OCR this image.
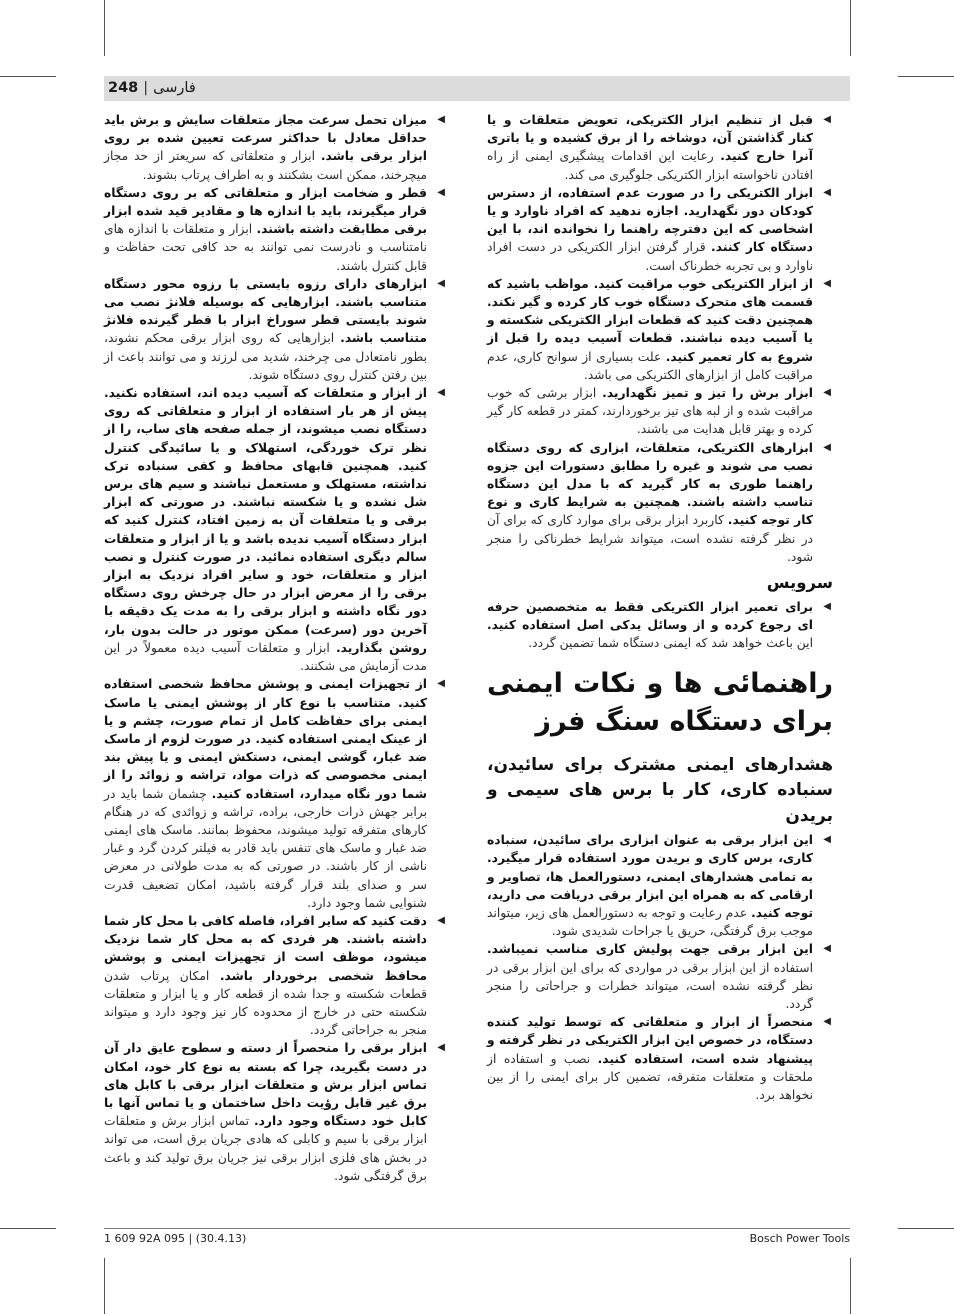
248 | فارسی

◀
قبل از تنظیم ابزار الکتریکی، تعویض متعلقات و یا کنار گذاشتن آن، دوشاخه را از برق کشیده و یا باتری آنرا خارج کنید. رعایت این اقدامات پیشگیری ایمنی از راه افتادن ناخواسته ابزار الکتریکی جلوگیری می کند.

◀
ابزار الکتریکی را در صورت عدم استفاده، از دسترس کودکان دور نگهدارید. اجازه ندهید که افراد ناوارد و یا اشخاصی که این دفترچه راهنما را نخوانده اند، با این دستگاه کار کنند. قرار گرفتن ابزار الکتریکی در دست افراد ناوارد و بی تجربه خطرناک است.

◀
از ابزار الکتریکی خوب مراقبت کنید. مواظب باشید که قسمت های متحرک دستگاه خوب کار کرده و گیر نکند. همچنین دقت کنید که قطعات ابزار الکتریکی شکسته و یا آسیب دیده نباشند. قطعات آسیب دیده را قبل از شروع به کار تعمیر کنید. علت بسیاری از سوانح کاری، عدم مراقبت کامل از ابزارهای الکتریکی می باشد.

◀
ابزار برش را تیز و تمیز نگهدارید. ابزار برشی که خوب مراقبت شده و از لبه های تیز برخوردارند، کمتر در قطعه کار گیر کرده و بهتر قابل هدایت می باشند.

◀
ابزارهای الکتریکی، متعلقات، ابزاری که روی دستگاه نصب می شوند و غیره را مطابق دستورات این جزوه راهنما طوری به کار گیرید که با مدل این دستگاه تناسب داشته باشند. همچنین به شرایط کاری و نوع کار توجه کنید. کاربرد ابزار برقی برای موارد کاری که برای آن در نظر گرفته نشده است، میتواند شرایط خطرناکی را منجر شود.

سرویس

◀
برای تعمیر ابزار الکتریکی فقط به متخصصین حرفه ای رجوع کرده و از وسائل یدکی اصل استفاده کنید. این باعث خواهد شد که ایمنی دستگاه شما تضمین گردد.

راهنمائی ها و نکات ایمنی برای دستگاه سنگ فرز
هشدارهای ایمنی مشترک برای سائیدن، سنباده کاری، کار با برس های سیمی و بریدن

◀
این ابزار برقی به عنوان ابزاری برای سائیدن، سنباده کاری، برس کاری و بریدن مورد استفاده قرار میگیرد. به تمامی هشدارهای ایمنی، دستورالعمل ها، تصاویر و ارقامی که به همراه این ابزار برقی دریافت می دارید، توجه کنید. عدم رعایت و توجه به دستورالعمل های زیر، میتواند موجب برق گرفتگی، حریق یا جراحات شدیدی شود.

◀
این ابزار برقی جهت پولیش کاری مناسب نمیباشد. استفاده از این ابزار برقی در مواردی که برای این ابزار برقی در نظر گرفته نشده است، میتواند خطرات و جراحاتی را منجر گردد.

◀
منحصراً از ابزار و متعلقاتی که توسط تولید کننده دستگاه، در خصوص این ابزار الکتریکی در نظر گرفته و پیشنهاد شده است، استفاده کنید. نصب و استفاده از ملحقات و متعلقات متفرقه، تضمین کار برای ایمنی را از بین نخواهد برد.

◀
میزان تحمل سرعت مجاز متعلقات سایش و برش باید حداقل معادل با حداکثر سرعت تعیین شده بر روی ابزار برقی باشد. ابزار و متعلقاتی که سریعتر از حد مجاز میچرخند، ممکن است بشکنند و به اطراف پرتاب بشوند.

◀
قطر و ضخامت ابزار و متعلقاتی که بر روی دستگاه قرار میگیرند، باید با اندازه ها و مقادیر قید شده ابزار برقی مطابقت داشته باشند. ابزار و متعلقات با اندازه های نامتناسب و نادرست نمی توانند به حد کافی تحت حفاظت و قابل کنترل باشند.

◀
ابزارهای دارای رزوه بایستی با رزوه محور دستگاه متناسب باشند. ابزارهایی که بوسیله فلانژ نصب می شوند بایستی قطر سوراخ ابزار با قطر گیرنده فلانژ متناسب باشد. ابزارهایی که روی ابزار برقی محکم نشوند، بطور نامتعادل می چرخند، شدید می لرزند و می توانند باعث از بین رفتن کنترل روی دستگاه شوند.

◀
از ابزار و متعلقات که آسیب دیده اند، استفاده نکنید. پیش از هر بار استفاده از ابزار و متعلقاتی که روی دستگاه نصب میشوند، از جمله صفحه های ساب، را از نظر ترک خوردگی، استهلاک و یا سائیدگی کنترل کنید. همچنین قابهای محافظ و کفی سنباده ترک نداشته، مستهلک و مستعمل نباشند و سیم های برس شل نشده و یا شکسته نباشند. در صورتی که ابزار برقی و یا متعلقات آن به زمین افتاد، کنترل کنید که ابزار دستگاه آسیب ندیده باشد و یا از ابزار و متعلقات سالم دیگری استفاده نمائید. در صورت کنترل و نصب ابزار و متعلقات، خود و سایر افراد نزدیک به ابزار برقی را از معرض ابزار در حال چرخش روی دستگاه دور نگاه داشته و ابزار برقی را به مدت یک دقیقه با آخرین دور (سرعت) ممکن موتور در حالت بدون بار، روشن بگذارید. ابزار و متعلقات آسیب دیده معمولاً در این مدت آزمایش می شکنند.

◀
از تجهیزات ایمنی و پوشش محافظ شخصی استفاده کنید. متناسب با نوع کار از پوشش ایمنی یا ماسک ایمنی برای حفاظت کامل از تمام صورت، چشم و یا از عینک ایمنی استفاده کنید. در صورت لزوم از ماسک ضد غبار، گوشی ایمنی، دستکش ایمنی و یا پیش بند ایمنی مخصوصی که ذرات مواد، تراشه و زوائد را از شما دور نگاه میدارد، استفاده کنید. چشمان شما باید در برابر جهش ذرات خارجی، براده، تراشه و زوائدی که در هنگام کارهای متفرقه تولید میشوند، محفوظ بمانند. ماسک های ایمنی ضد غبار و ماسک های تنفس باید قادر به فیلتر کردن گرد و غبار ناشی از کار باشند. در صورتی که به مدت طولانی در معرض سر و صدای بلند قرار گرفته باشید، امکان تضعیف قدرت شنوایی شما وجود دارد.

◀
دقت کنید که سایر افراد، فاصله کافی با محل کار شما داشته باشند. هر فردی که به محل کار شما نزدیک میشود، موظف است از تجهیزات ایمنی و پوشش محافظ شخصی برخوردار باشد. امکان پرتاب شدن قطعات شکسته و جدا شده از قطعه کار و یا ابزار و متعلقات شکسته حتی در خارج از محدوده کار نیز وجود دارد و میتواند منجر به جراحاتی گردد.

◀
ابزار برقی را منحصراً از دسته و سطوح عایق دار آن در دست بگیرید، چرا که بسته به نوع کار خود، امکان تماس ابزار برش و متعلقات ابزار برقی با کابل های برق غیر قابل رؤیت داخل ساختمان و یا تماس آنها با کابل خود دستگاه وجود دارد. تماس ابزار برش و متعلقات ابزار برقی با سیم و کابلی که هادی جریان برق است، می تواند در بخش های فلزی ابزار برقی نیز جریان برق تولید کند و باعث برق گرفتگی شود.

1 609 92A 095 | (30.4.13)	Bosch Power Tools
